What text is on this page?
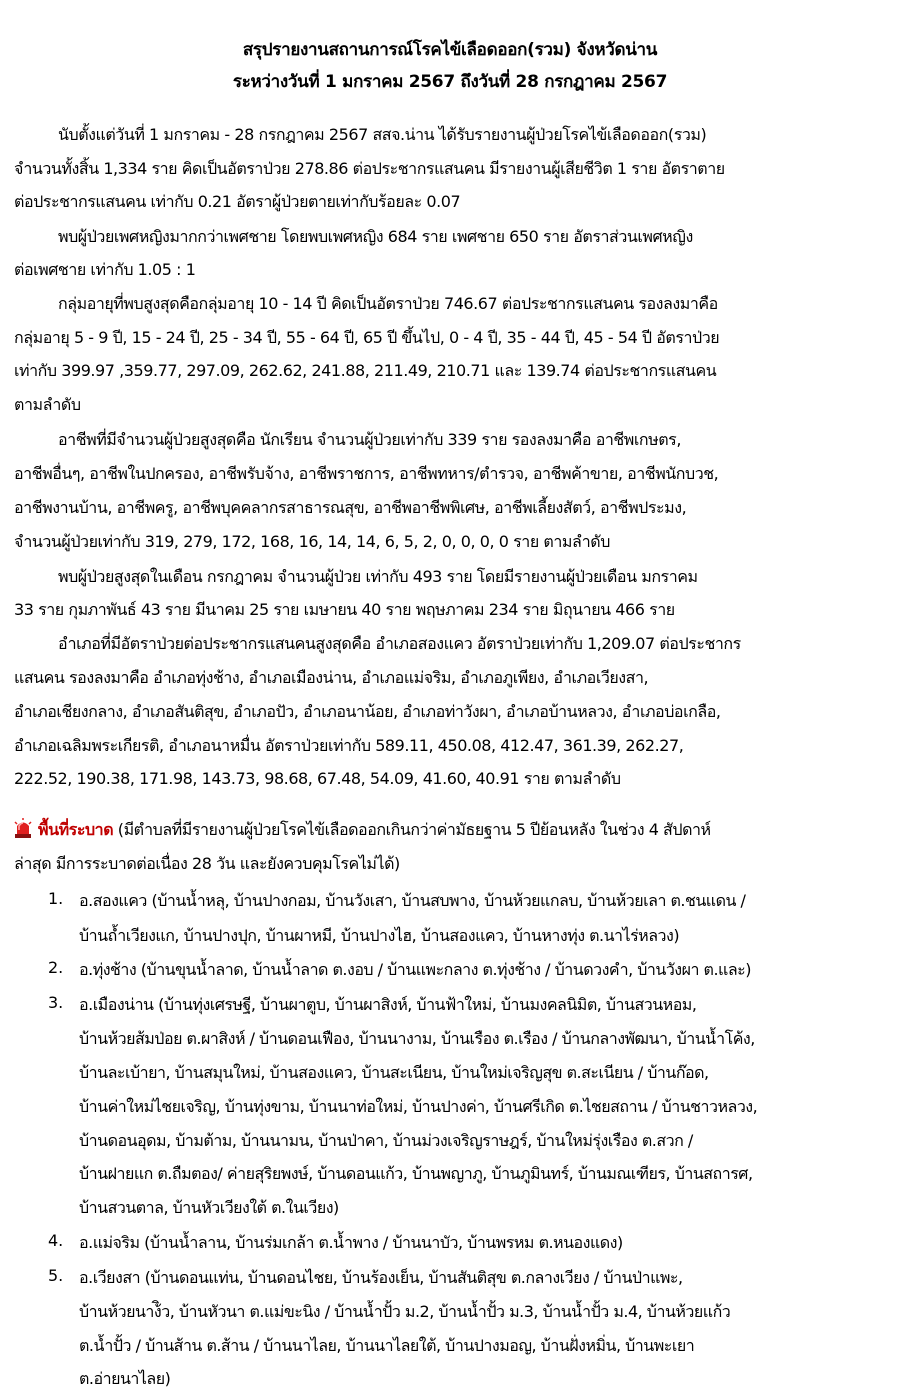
สรุปรายงานสถานการณ์โรคไข้เลือดออก(รวม) จังหวัดน่าน
ระหว่างวันที่ 1 มกราคม 2567 ถึงวันที่ 28 กรกฎาคม 2567
นับตั้งแต่วันที่ 1 มกราคม - 28 กรกฎาคม 2567 สสจ.น่าน ได้รับรายงานผู้ป่วยโรคไข้เลือดออก(รวม)
จำนวนทั้งสิ้น 1,334 ราย คิดเป็นอัตราป่วย 278.86 ต่อประชากรแสนคน มีรายงานผู้เสียชีวิต 1 ราย อัตราตาย
ต่อประชากรแสนคน เท่ากับ 0.21 อัตราผู้ป่วยตายเท่ากับร้อยละ 0.07
พบผู้ป่วยเพศหญิงมากกว่าเพศชาย โดยพบเพศหญิง 684 ราย เพศชาย 650 ราย อัตราส่วนเพศหญิง
ต่อเพศชาย เท่ากับ 1.05 : 1
กลุ่มอายุที่พบสูงสุดคือกลุ่มอายุ 10 - 14 ปี คิดเป็นอัตราป่วย 746.67 ต่อประชากรแสนคน รองลงมาคือ
กลุ่มอายุ 5 - 9 ปี, 15 - 24 ปี, 25 - 34 ปี, 55 - 64 ปี, 65 ปี ขึ้นไป, 0 - 4 ปี, 35 - 44 ปี, 45 - 54 ปี อัตราป่วย
เท่ากับ 399.97 ,359.77, 297.09, 262.62, 241.88, 211.49, 210.71 และ 139.74 ต่อประชากรแสนคน
ตามลำดับ
อาชีพที่มีจำนวนผู้ป่วยสูงสุดคือ นักเรียน จำนวนผู้ป่วยเท่ากับ 339 ราย รองลงมาคือ อาชีพเกษตร,
อาชีพอื่นๆ, อาชีพในปกครอง, อาชีพรับจ้าง, อาชีพราชการ, อาชีพทหาร/ตำรวจ, อาชีพค้าขาย, อาชีพนักบวช,
อาชีพงานบ้าน, อาชีพครู, อาชีพบุคคลากรสาธารณสุข, อาชีพอาชีพพิเศษ, อาชีพเลี้ยงสัตว์, อาชีพประมง,
จำนวนผู้ป่วยเท่ากับ 319, 279, 172, 168, 16, 14, 14, 6, 5, 2, 0, 0, 0, 0 ราย ตามลำดับ
พบผู้ป่วยสูงสุดในเดือน กรกฎาคม จำนวนผู้ป่วย เท่ากับ 493 ราย โดยมีรายงานผู้ป่วยเดือน มกราคม
33 ราย กุมภาพันธ์ 43 ราย มีนาคม 25 ราย เมษายน 40 ราย พฤษภาคม 234 ราย มิถุนายน 466 ราย
อำเภอที่มีอัตราป่วยต่อประชากรแสนคนสูงสุดคือ อำเภอสองแคว อัตราป่วยเท่ากับ 1,209.07 ต่อประชากร
แสนคน รองลงมาคือ อำเภอทุ่งช้าง, อำเภอเมืองน่าน, อำเภอแม่จริม, อำเภอภูเพียง, อำเภอเวียงสา,
อำเภอเชียงกลาง, อำเภอสันติสุข, อำเภอปัว, อำเภอนาน้อย, อำเภอท่าวังผา, อำเภอบ้านหลวง, อำเภอบ่อเกลือ,
อำเภอเฉลิมพระเกียรติ, อำเภอนาหมื่น อัตราป่วยเท่ากับ 589.11, 450.08, 412.47, 361.39, 262.27,
222.52, 190.38, 171.98, 143.73, 98.68, 67.48, 54.09, 41.60, 40.91 ราย ตามลำดับ
พื้นที่ระบาด (มีตำบลที่มีรายงานผู้ป่วยโรคไข้เลือดออกเกินกว่าค่ามัธยฐาน 5 ปีย้อนหลัง ในช่วง 4 สัปดาห์
ล่าสุด มีการระบาดต่อเนื่อง 28 วัน และยังควบคุมโรคไม่ได้)
1. อ.สองแคว (บ้านน้ำหลุ, บ้านปางกอม, บ้านวังเสา, บ้านสบพาง, บ้านห้วยแกลบ, บ้านห้วยเลา ต.ชนแดน /
บ้านถ้ำเวียงแก, บ้านปางปุก, บ้านผาหมี, บ้านปางไฮ, บ้านสองแคว, บ้านหางทุ่ง ต.นาไร่หลวง)
2. อ.ทุ่งช้าง (บ้านขุนน้ำลาด, บ้านน้ำลาด ต.งอบ / บ้านแพะกลาง ต.ทุ่งช้าง / บ้านดวงคำ, บ้านวังผา ต.และ)
3. อ.เมืองน่าน (บ้านทุ่งเศรษฐี, บ้านผาตูบ, บ้านผาสิงห์, บ้านฟ้าใหม่, บ้านมงคลนิมิต, บ้านสวนหอม,
บ้านห้วยส้มป่อย ต.ผาสิงห์ / บ้านดอนเฟือง, บ้านนางาม, บ้านเรือง ต.เรือง / บ้านกลางพัฒนา, บ้านน้ำโค้ง,
บ้านละเบ้ายา, บ้านสมุนใหม่, บ้านสองแคว, บ้านสะเนียน, บ้านใหม่เจริญสุข ต.สะเนียน / บ้านก๊อด,
บ้านค่าใหม่ไชยเจริญ, บ้านทุ่งขาม, บ้านนาท่อใหม่, บ้านปางค่า, บ้านศรีเกิด ต.ไชยสถาน / บ้านชาวหลวง,
บ้านดอนอุดม, บ้ามต้าม, บ้านนามน, บ้านป่าคา, บ้านม่วงเจริญราษฎร์, บ้านใหม่รุ่งเรือง ต.สวก /
บ้านฝายแก ต.ถืมตอง/ ค่ายสุริยพงษ์, บ้านดอนแก้ว, บ้านพญาภู, บ้านภูมินทร์, บ้านมณเฑียร, บ้านสถารศ,
บ้านสวนตาล, บ้านหัวเวียงใต้ ต.ในเวียง)
4. อ.แม่จริม (บ้านน้ำลาน, บ้านร่มเกล้า ต.น้ำพาง / บ้านนาบัว, บ้านพรหม ต.หนองแดง)
5. อ.เวียงสา (บ้านดอนแท่น, บ้านดอนไชย, บ้านร้องเย็น, บ้านสันติสุข ต.กลางเวียง / บ้านป่าแพะ,
บ้านห้วยนาง้ิว, บ้านหัวนา ต.แม่ขะนิง / บ้านน้ำปั้ว ม.2, บ้านน้ำปั้ว ม.3, บ้านน้ำปั้ว ม.4, บ้านห้วยแก้ว
ต.น้ำปั้ว / บ้านส้าน ต.ส้าน / บ้านนาไลย, บ้านนาไลยใต้, บ้านปางมอญ, บ้านฝั่งหมิ่น, บ้านพะเยา
ต.อ่ายนาไลย)
